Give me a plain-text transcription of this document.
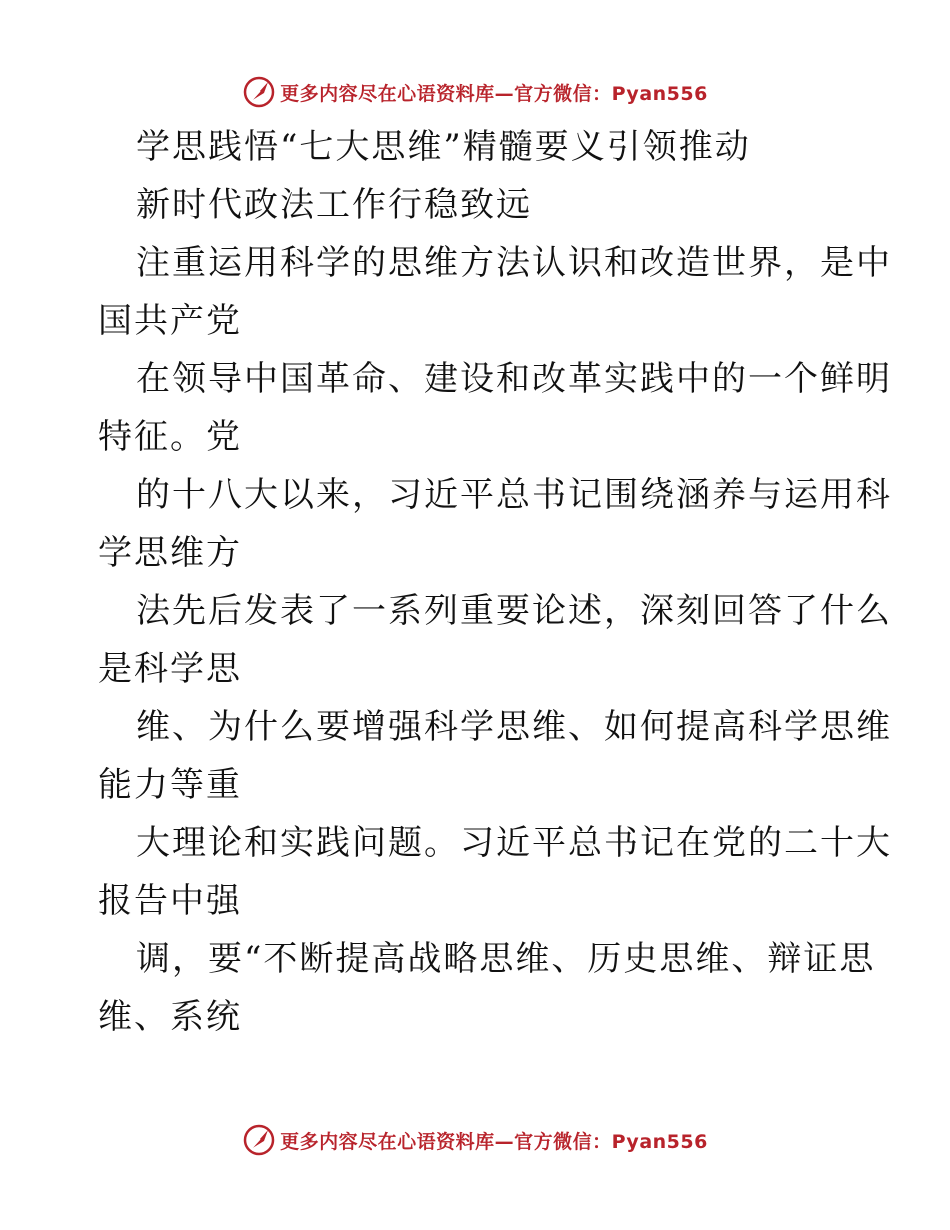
更多内容尽在心语资料库—官方微信：Pyan556
学思践悟“七大思维”精髓要义引领推动
新时代政法工作行稳致远
注重运用科学的思维方法认识和改造世界，是中
国共产党
在领导中国革命、建设和改革实践中的一个鲜明
特征。党
的十八大以来，习近平总书记围绕涵养与运用科
学思维方
法先后发表了一系列重要论述，深刻回答了什么
是科学思
维、为什么要增强科学思维、如何提高科学思维
能力等重
大理论和实践问题。习近平总书记在党的二十大
报告中强
调，要“不断提高战略思维、历史思维、辩证思
维、系统
更多内容尽在心语资料库—官方微信：Pyan556
